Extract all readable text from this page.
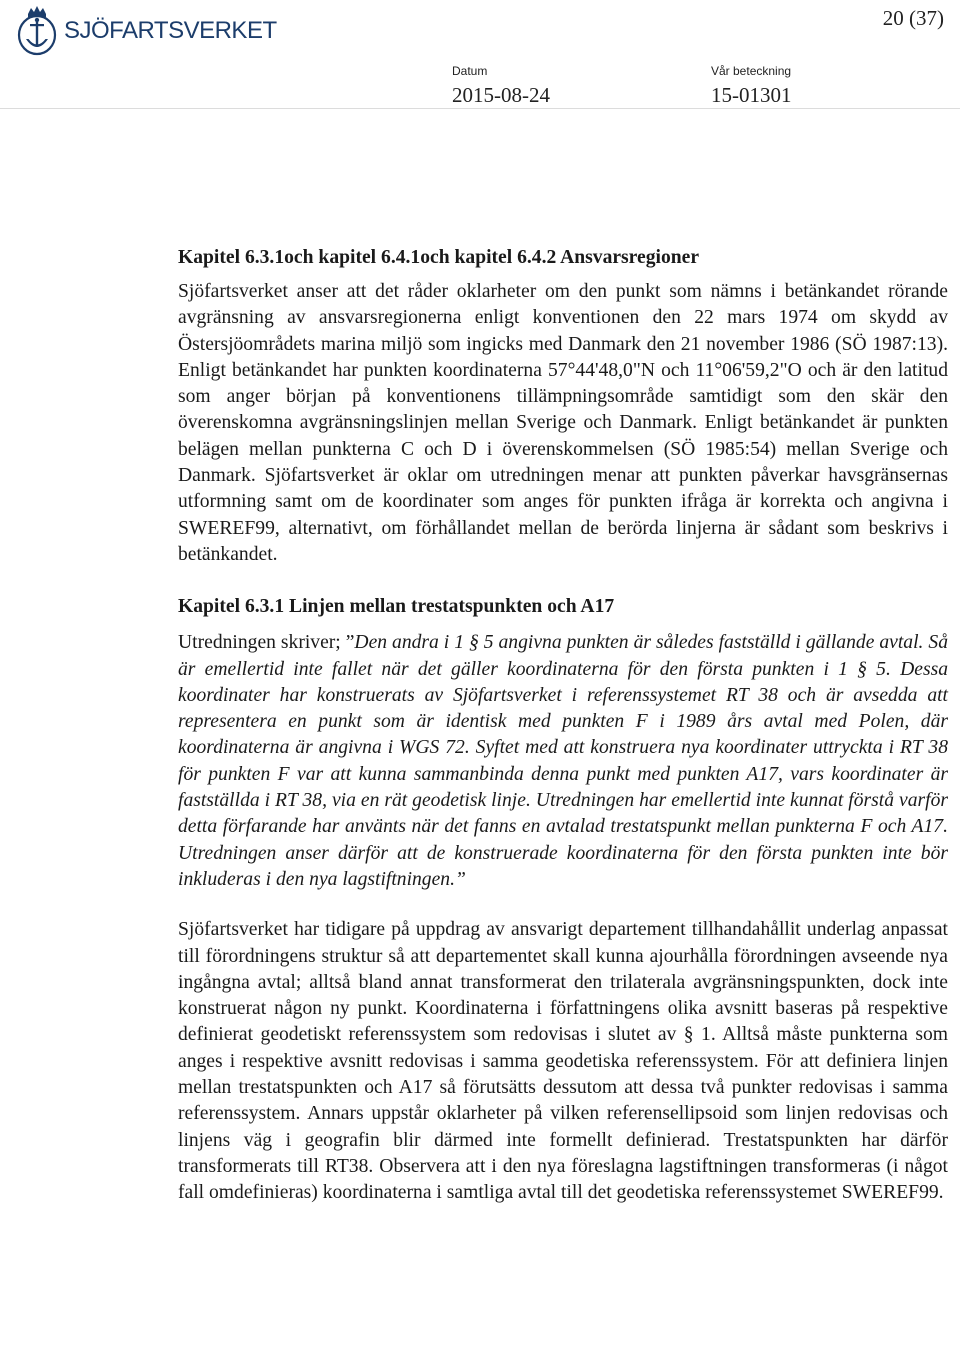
SJÖFARTSVERKET	20 (37)
Datum
2015-08-24
Vår beteckning
15-01301
Kapitel 6.3.1och kapitel 6.4.1och kapitel 6.4.2 Ansvarsregioner

Sjöfartsverket anser att det råder oklarheter om den punkt som nämns i betänkandet rörande avgränsning av ansvarsregionerna enligt konventionen den 22 mars 1974 om skydd av Östersjöområdets marina miljö som ingicks med Danmark den 21 november 1986 (SÖ 1987:13). Enligt betänkandet har punkten koordinaterna 57°44'48,0"N och 11°06'59,2"O och är den latitud som anger början på konventionens tillämpningsområde samtidigt som den skär den överenskomna avgränsningslinjen mellan Sverige och Danmark. Enligt betänkandet är punkten belägen mellan punkterna C och D i överenskommelsen (SÖ 1985:54) mellan Sverige och Danmark. Sjöfartsverket är oklar om utredningen menar att punkten påverkar havsgränsernas utformning samt om de koordinater som anges för punkten ifråga är korrekta och angivna i SWEREF99, alternativt, om förhållandet mellan de berörda linjerna är sådant som beskrivs i betänkandet.

Kapitel 6.3.1 Linjen mellan trestatspunkten och A17

Utredningen skriver; ”Den andra i 1 § 5 angivna punkten är således fastställd i gällande avtal. Så är emellertid inte fallet när det gäller koordinaterna för den första punkten i 1 § 5. Dessa koordinater har konstruerats av Sjöfartsverket i referenssystemet RT 38 och är avsedda att representera en punkt som är identisk med punkten F i 1989 års avtal med Polen, där koordinaterna är angivna i WGS 72. Syftet med att konstruera nya koordinater uttryckta i RT 38 för punkten F var att kunna sammanbinda denna punkt med punkten A17, vars koordinater är fastställda i RT 38, via en rät geodetisk linje. Utredningen har emellertid inte kunnat förstå varför detta förfarande har använts när det fanns en avtalad trestatspunkt mellan punkterna F och A17. Utredningen anser därför att de konstruerade koordinaterna för den första punkten inte bör inkluderas i den nya lagstiftningen.”

Sjöfartsverket har tidigare på uppdrag av ansvarigt departement tillhandahållit underlag anpassat till förordningens struktur så att departementet skall kunna ajourhålla förordningen avseende nya ingångna avtal; alltså bland annat transformerat den trilaterala avgränsningspunkten, dock inte konstruerat någon ny punkt. Koordinaterna i författningens olika avsnitt baseras på respektive definierat geodetiskt referenssystem som redovisas i slutet av § 1. Alltså måste punkterna som anges i respektive avsnitt redovisas i samma geodetiska referenssystem. För att definiera linjen mellan trestatspunkten och A17 så förutsätts dessutom att dessa två punkter redovisas i samma referenssystem. Annars uppstår oklarheter på vilken referensellipsoid som linjen redovisas och linjens väg i geografin blir därmed inte formellt definierad. Trestatspunkten har därför transformerats till RT38. Observera att i den nya föreslagna lagstiftningen transformeras (i något fall omdefinieras) koordinaterna i samtliga avtal till det geodetiska referenssystemet SWEREF99.
